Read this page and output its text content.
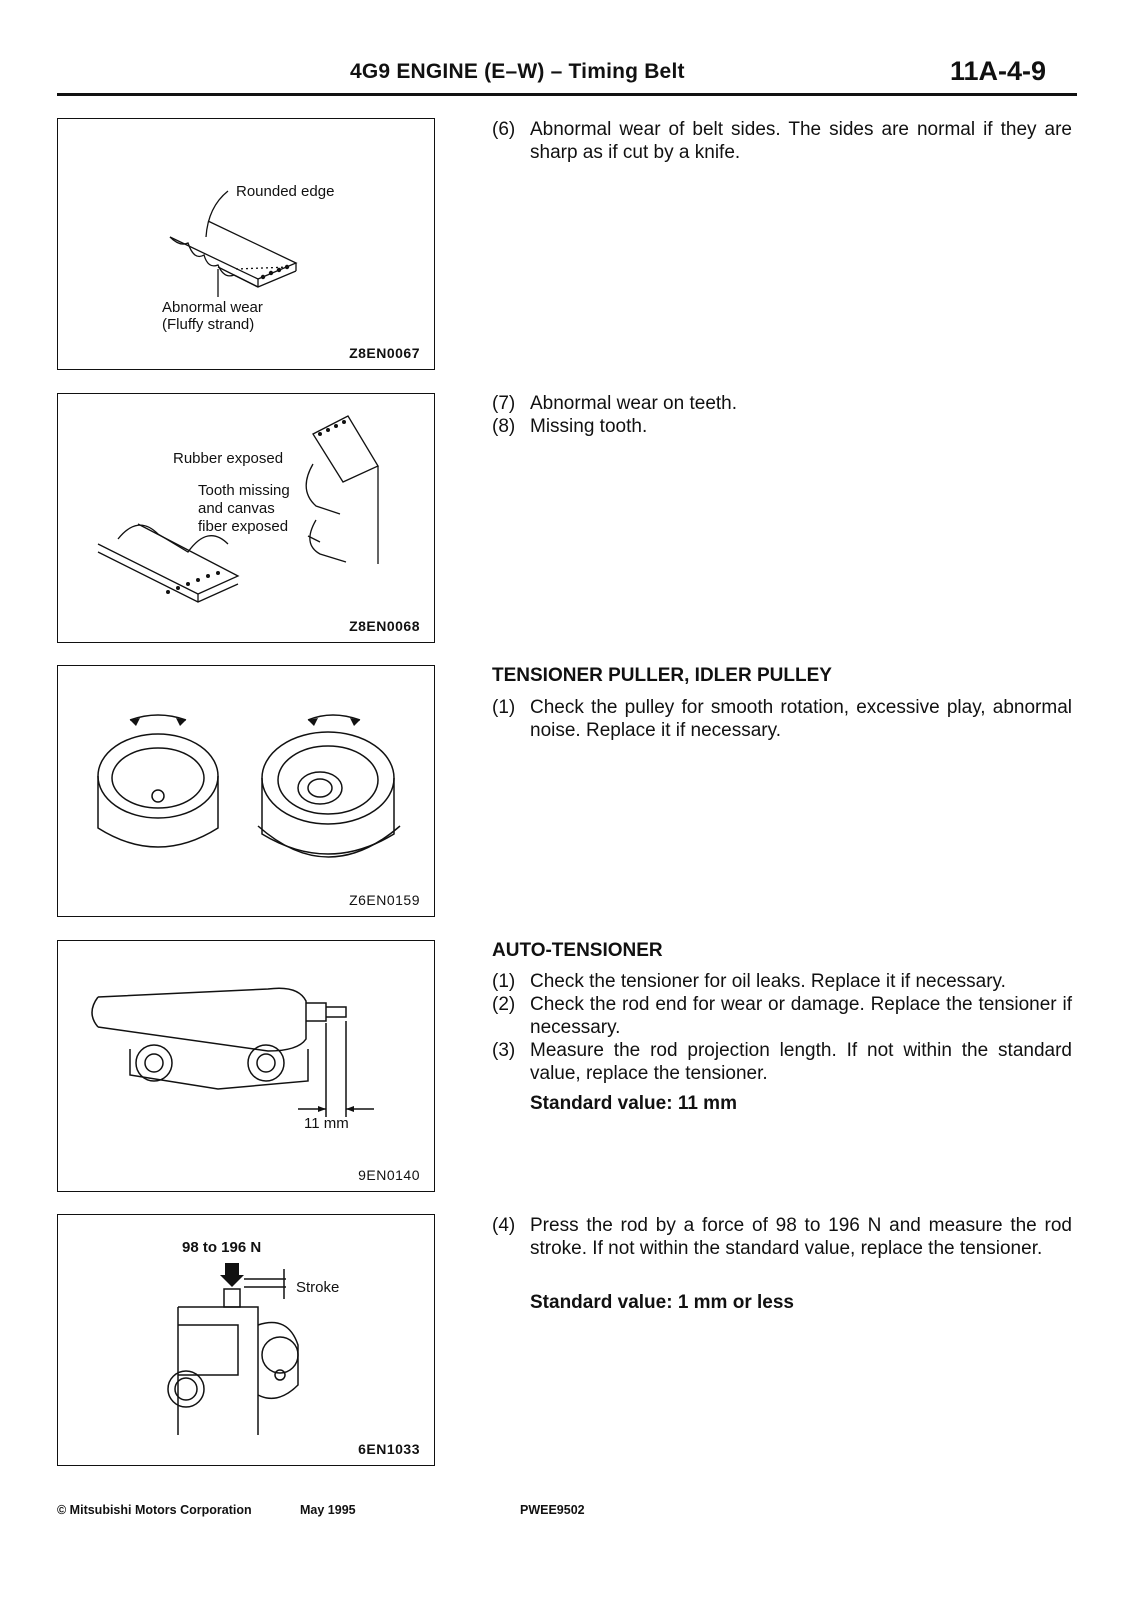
4G9 ENGINE (E–W) – Timing Belt	11A-4-9
Rounded edge
Abnormal wear
(Fluffy strand)
Z8EN0067
Rubber exposed
Tooth missing
and canvas
fiber exposed
Z8EN0068
Z6EN0159
11 mm
9EN0140
98 to 196 N
Stroke
6EN1033
(6) Abnormal wear of belt sides. The sides are normal if they are sharp as if cut by a knife.
(7) Abnormal wear on teeth.
(8) Missing tooth.
TENSIONER PULLER, IDLER PULLEY
(1) Check the pulley for smooth rotation, excessive play, abnormal noise. Replace it if necessary.
AUTO-TENSIONER
(1) Check the tensioner for oil leaks. Replace it if necessary.
(2) Check the rod end for wear or damage. Replace the tensioner if necessary.
(3) Measure the rod projection length. If not within the standard value, replace the tensioner.
Standard value: 11 mm
(4) Press the rod by a force of 98 to 196 N and measure the rod stroke. If not within the standard value, replace the tensioner.
Standard value: 1 mm or less
© Mitsubishi Motors Corporation	May 1995	PWEE9502
